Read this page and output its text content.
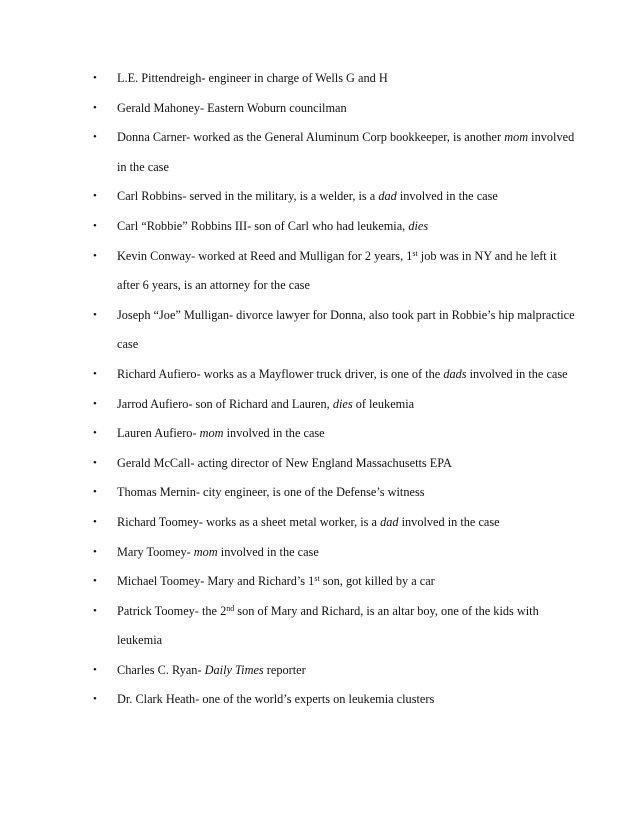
• L.E. Pittendreigh- engineer in charge of Wells G and H
• Gerald Mahoney- Eastern Woburn councilman
• Donna Carner- worked as the General Aluminum Corp bookkeeper, is another mom involved in the case
• Carl Robbins- served in the military, is a welder, is a dad involved in the case
• Carl “Robbie” Robbins III- son of Carl who had leukemia, dies
• Kevin Conway- worked at Reed and Mulligan for 2 years, 1st job was in NY and he left it after 6 years, is an attorney for the case
• Joseph “Joe” Mulligan- divorce lawyer for Donna, also took part in Robbie’s hip malpractice case
• Richard Aufiero- works as a Mayflower truck driver, is one of the dads involved in the case
• Jarrod Aufiero- son of Richard and Lauren, dies of leukemia
• Lauren Aufiero- mom involved in the case
• Gerald McCall- acting director of New England Massachusetts EPA
• Thomas Mernin- city engineer, is one of the Defense’s witness
• Richard Toomey- works as a sheet metal worker, is a dad involved in the case
• Mary Toomey- mom involved in the case
• Michael Toomey- Mary and Richard’s 1st son, got killed by a car
• Patrick Toomey- the 2nd son of Mary and Richard, is an altar boy, one of the kids with leukemia
• Charles C. Ryan- Daily Times reporter
• Dr. Clark Heath- one of the world’s experts on leukemia clusters
